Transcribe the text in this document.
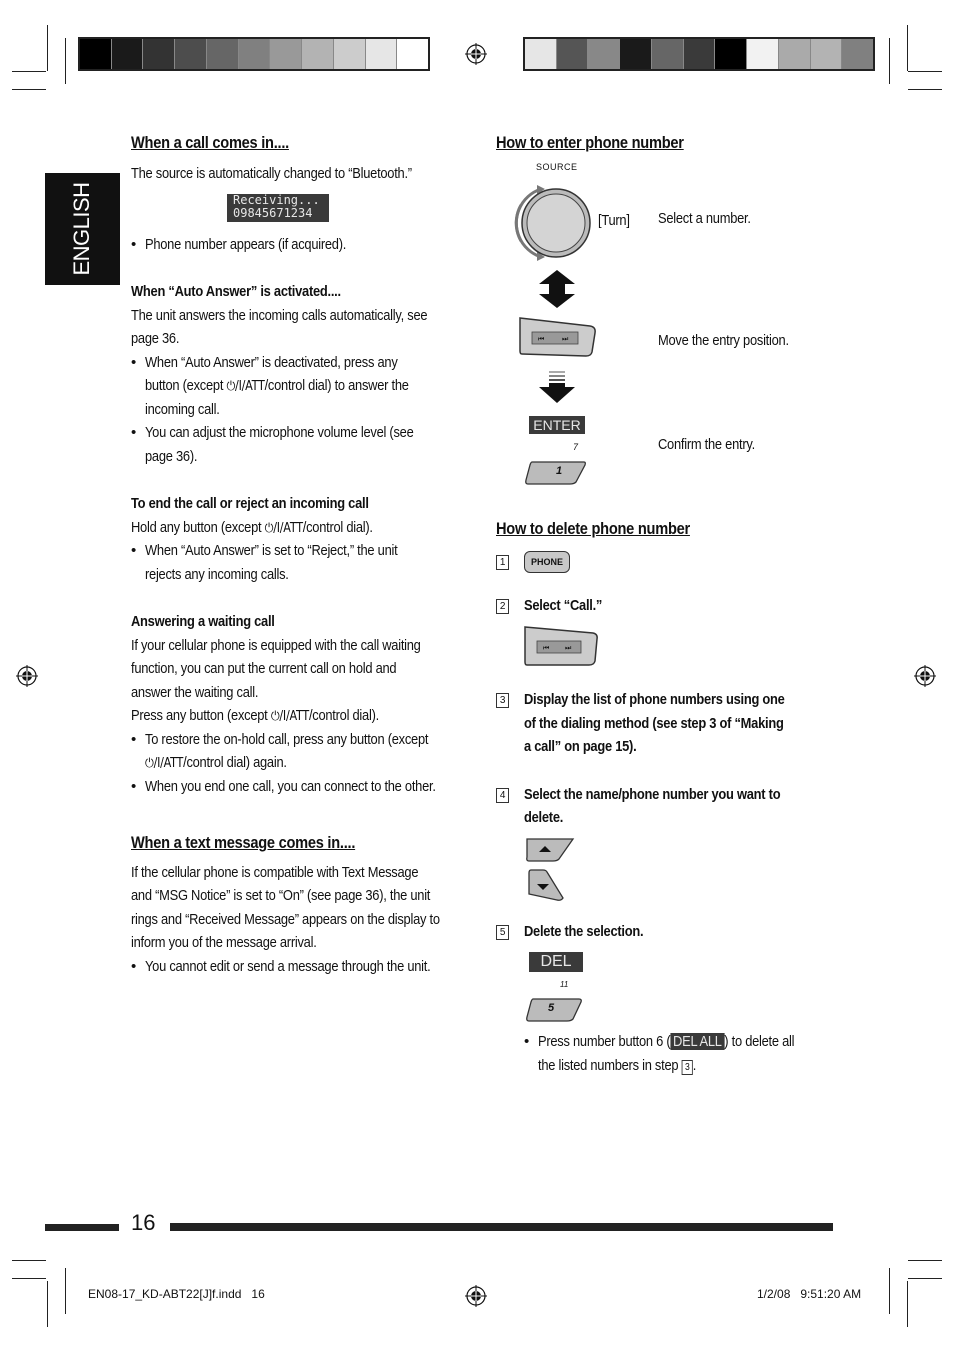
ENGLISH
When a call comes in....
The source is automatically changed to “Bluetooth.”
Receiving...
09845671234
• Phone number appears (if acquired).
When “Auto Answer” is activated....
The unit answers the incoming calls automatically, see
page 36.
• When “Auto Answer” is deactivated, press any
button (except ⏻/I/ATT/control dial) to answer the
incoming call.
• You can adjust the microphone volume level (see
page 36).
To end the call or reject an incoming call
Hold any button (except ⏻/I/ATT/control dial).
• When “Auto Answer” is set to “Reject,” the unit
rejects any incoming calls.
Answering a waiting call
If your cellular phone is equipped with the call waiting
function, you can put the current call on hold and
answer the waiting call.
Press any button (except ⏻/I/ATT/control dial).
• To restore the on-hold call, press any button (except
⏻/I/ATT/control dial) again.
• When you end one call, you can connect to the other.
When a text message comes in....
If the cellular phone is compatible with Text Message
and “MSG Notice” is set to “On” (see page 36), the unit
rings and “Received Message” appears on the display to
inform you of the message arrival.
• You cannot edit or send a message through the unit.
How to enter phone number
SOURCE
[Turn]	Select a number.
⏮	⏭	Move the entry position.
ENTER
7
1
Confirm the entry.
How to delete phone number
1	PHONE
2	Select “Call.”
⏮ ⏭
3	Display the list of phone numbers using one
of the dialing method (see step 3 of “Making
a call” on page 15).
4	Select the name/phone number you want to
delete.
5	Delete the selection.
DEL
11
5
• Press number button 6 ( DEL ALL ) to delete all
the listed numbers in step 3 .
16
EN08-17_KD-ABT22[J]f.indd   16	1/2/08   9:51:20 AM
